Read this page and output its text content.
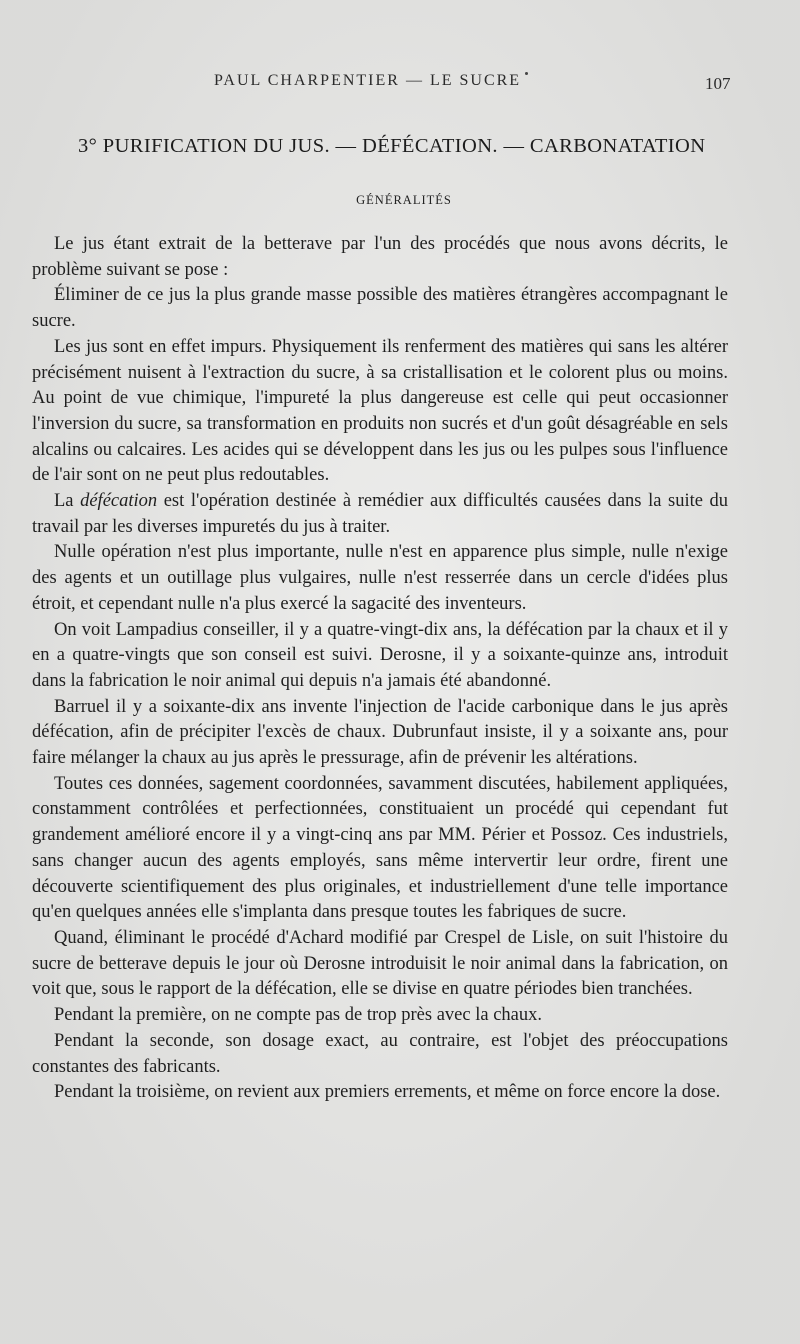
PAUL CHARPENTIER — LE SUCRE	107
3° PURIFICATION DU JUS. — DÉFÉCATION. — CARBONATATION
GÉNÉRALITÉS

Le jus étant extrait de la betterave par l'un des procédés que nous avons décrits, le problème suivant se pose :

Éliminer de ce jus la plus grande masse possible des matières étrangères accompagnant le sucre.

Les jus sont en effet impurs. Physiquement ils renferment des matières qui sans les altérer précisément nuisent à l'extraction du sucre, à sa cristallisation et le colorent plus ou moins. Au point de vue chimique, l'impureté la plus dangereuse est celle qui peut occasionner l'inversion du sucre, sa transformation en produits non sucrés et d'un goût désagréable en sels alcalins ou calcaires. Les acides qui se développent dans les jus ou les pulpes sous l'influence de l'air sont on ne peut plus redoutables.

La défécation est l'opération destinée à remédier aux difficultés causées dans la suite du travail par les diverses impuretés du jus à traiter.

Nulle opération n'est plus importante, nulle n'est en apparence plus simple, nulle n'exige des agents et un outillage plus vulgaires, nulle n'est resserrée dans un cercle d'idées plus étroit, et cependant nulle n'a plus exercé la sagacité des inventeurs.

On voit Lampadius conseiller, il y a quatre-vingt-dix ans, la défécation par la chaux et il y en a quatre-vingts que son conseil est suivi. Derosne, il y a soixante-quinze ans, introduit dans la fabrication le noir animal qui depuis n'a jamais été abandonné.

Barruel il y a soixante-dix ans invente l'injection de l'acide carbonique dans le jus après défécation, afin de précipiter l'excès de chaux. Dubrunfaut insiste, il y a soixante ans, pour faire mélanger la chaux au jus après le pressurage, afin de prévenir les altérations.

Toutes ces données, sagement coordonnées, savamment discutées, habilement appliquées, constamment contrôlées et perfectionnées, constituaient un procédé qui cependant fut grandement amélioré encore il y a vingt-cinq ans par MM. Périer et Possoz. Ces industriels, sans changer aucun des agents employés, sans même intervertir leur ordre, firent une découverte scientifiquement des plus originales, et industriellement d'une telle importance qu'en quelques années elle s'implanta dans presque toutes les fabriques de sucre.

Quand, éliminant le procédé d'Achard modifié par Crespel de Lisle, on suit l'histoire du sucre de betterave depuis le jour où Derosne introduisit le noir animal dans la fabrication, on voit que, sous le rapport de la défécation, elle se divise en quatre périodes bien tranchées.

Pendant la première, on ne compte pas de trop près avec la chaux.

Pendant la seconde, son dosage exact, au contraire, est l'objet des préoccupations constantes des fabricants.

Pendant la troisième, on revient aux premiers errements, et même on force encore la dose.
